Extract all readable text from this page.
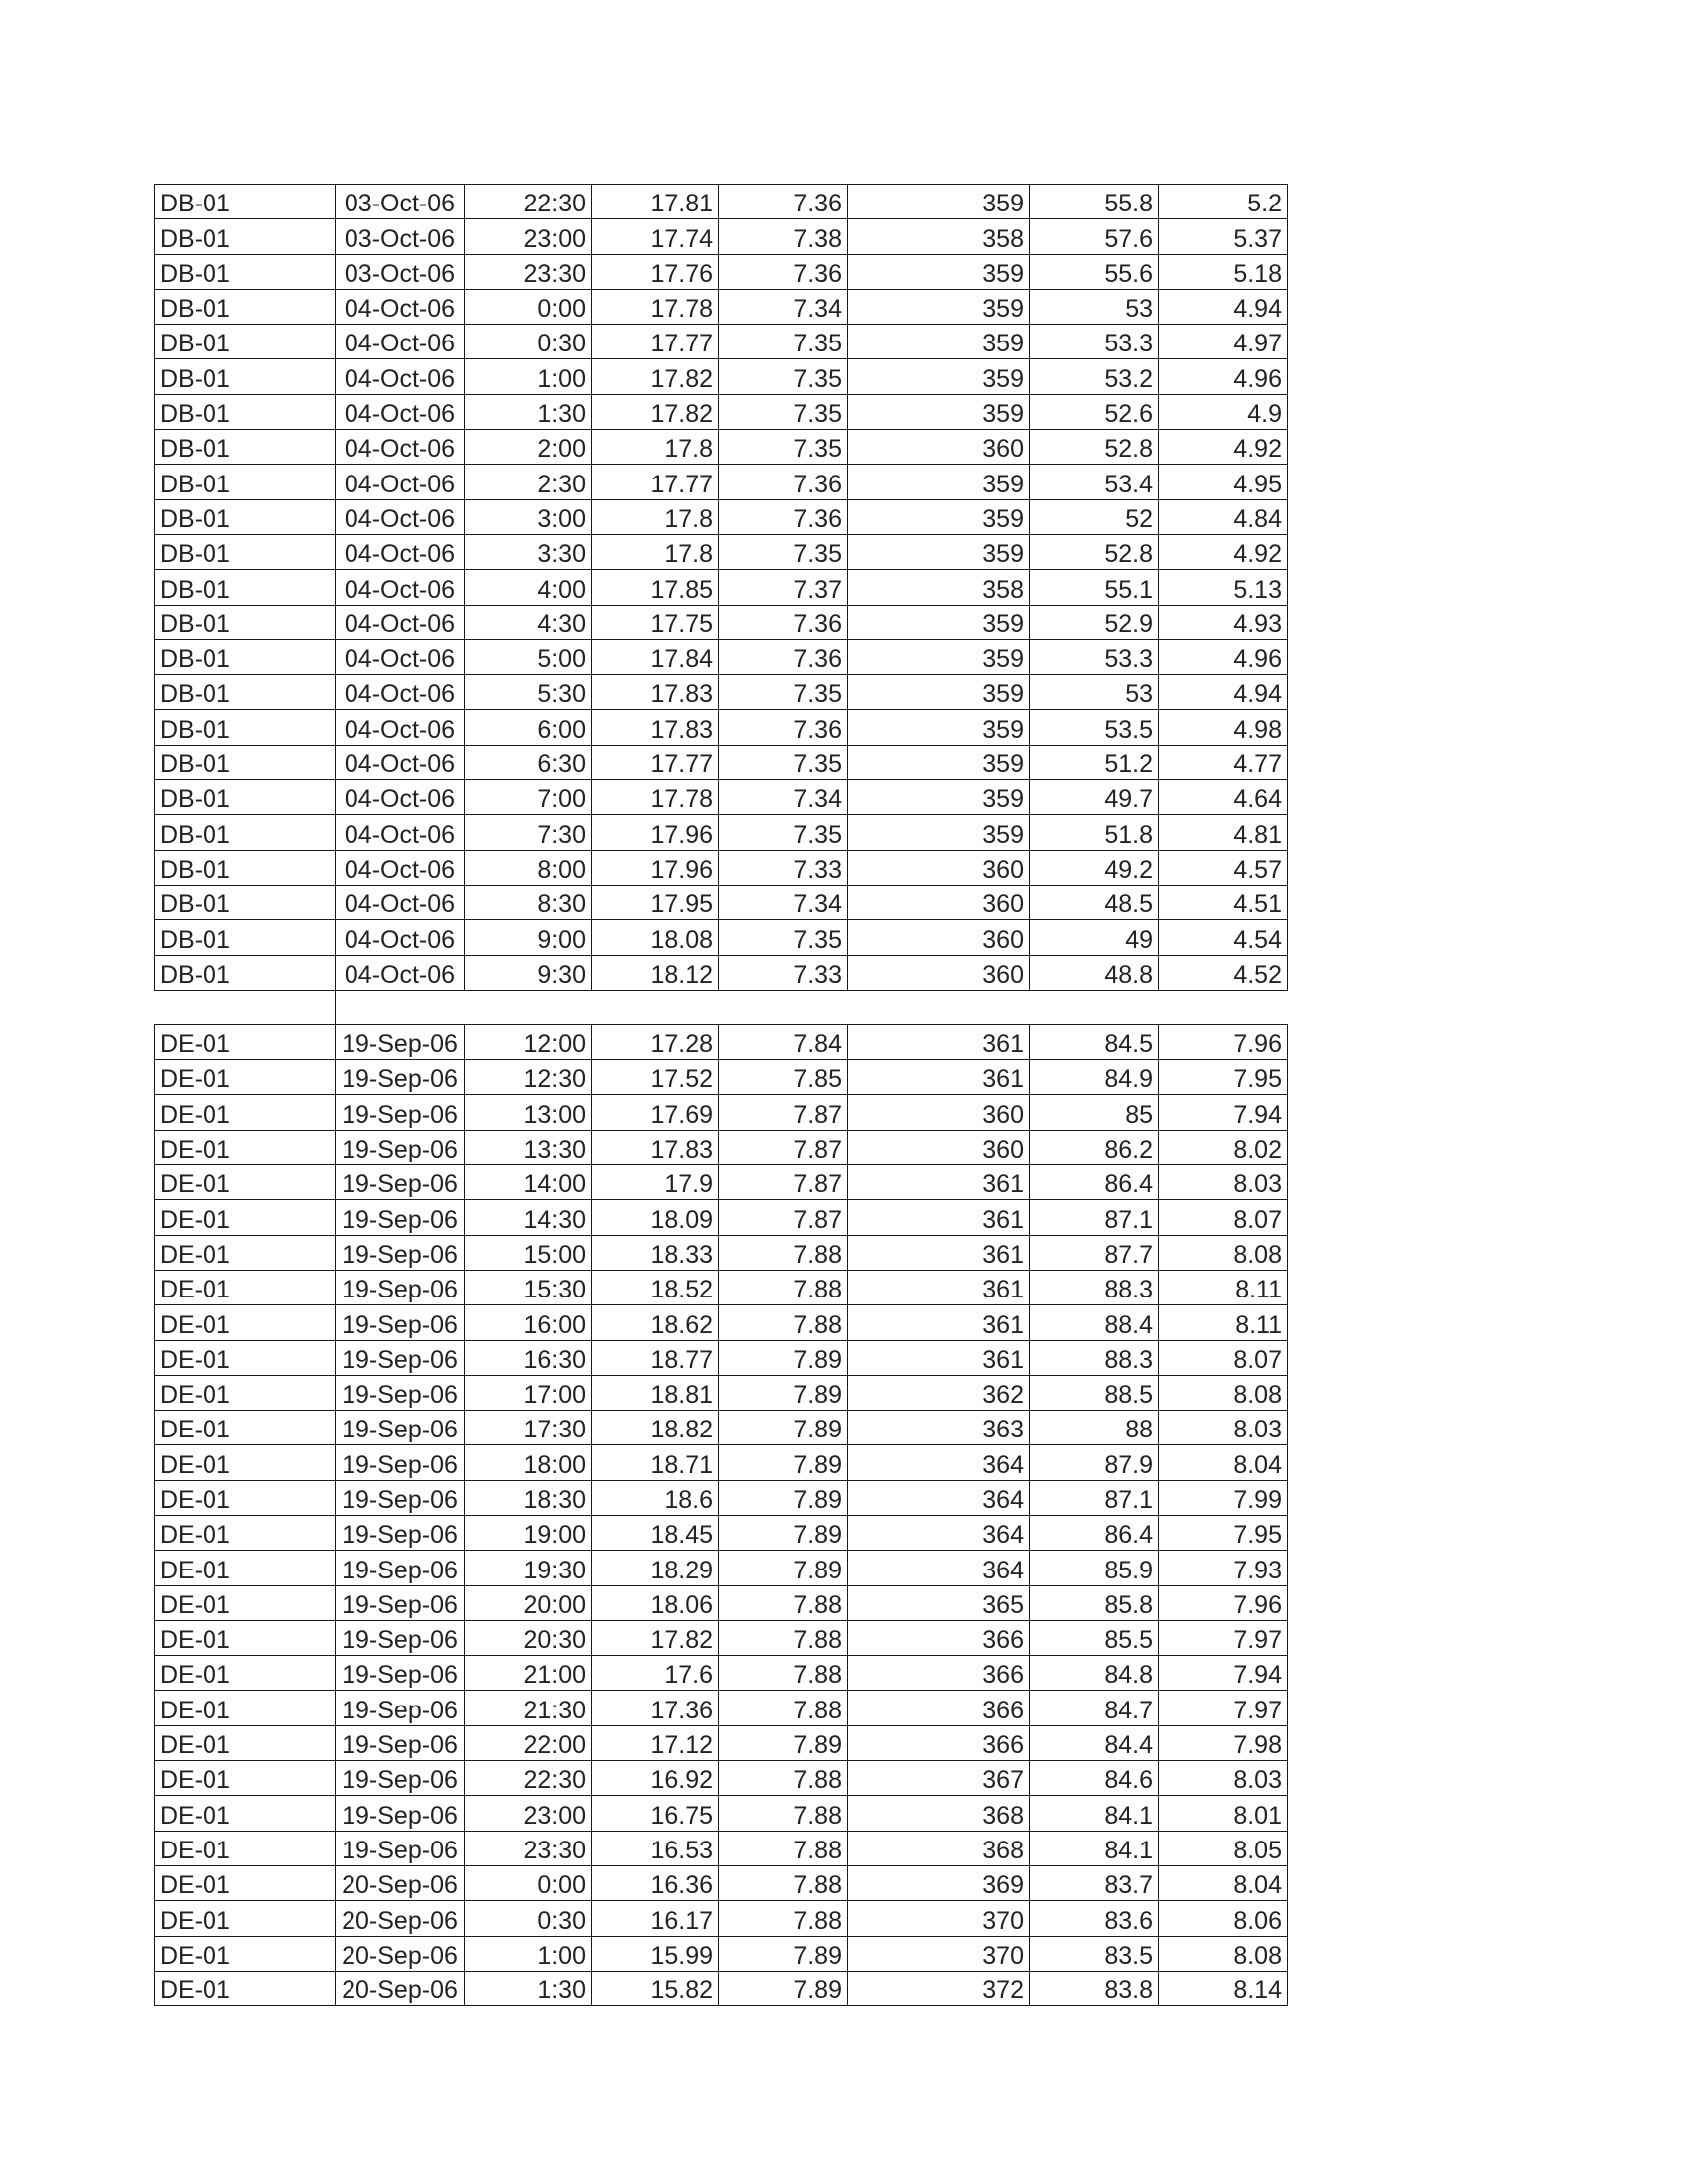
DB-01	03-Oct-06	22:30	17.81	7.36	359	55.8	5.2
DB-01	03-Oct-06	23:00	17.74	7.38	358	57.6	5.37
DB-01	03-Oct-06	23:30	17.76	7.36	359	55.6	5.18
DB-01	04-Oct-06	0:00	17.78	7.34	359	53	4.94
DB-01	04-Oct-06	0:30	17.77	7.35	359	53.3	4.97
DB-01	04-Oct-06	1:00	17.82	7.35	359	53.2	4.96
DB-01	04-Oct-06	1:30	17.82	7.35	359	52.6	4.9
DB-01	04-Oct-06	2:00	17.8	7.35	360	52.8	4.92
DB-01	04-Oct-06	2:30	17.77	7.36	359	53.4	4.95
DB-01	04-Oct-06	3:00	17.8	7.36	359	52	4.84
DB-01	04-Oct-06	3:30	17.8	7.35	359	52.8	4.92
DB-01	04-Oct-06	4:00	17.85	7.37	358	55.1	5.13
DB-01	04-Oct-06	4:30	17.75	7.36	359	52.9	4.93
DB-01	04-Oct-06	5:00	17.84	7.36	359	53.3	4.96
DB-01	04-Oct-06	5:30	17.83	7.35	359	53	4.94
DB-01	04-Oct-06	6:00	17.83	7.36	359	53.5	4.98
DB-01	04-Oct-06	6:30	17.77	7.35	359	51.2	4.77
DB-01	04-Oct-06	7:00	17.78	7.34	359	49.7	4.64
DB-01	04-Oct-06	7:30	17.96	7.35	359	51.8	4.81
DB-01	04-Oct-06	8:00	17.96	7.33	360	49.2	4.57
DB-01	04-Oct-06	8:30	17.95	7.34	360	48.5	4.51
DB-01	04-Oct-06	9:00	18.08	7.35	360	49	4.54
DB-01	04-Oct-06	9:30	18.12	7.33	360	48.8	4.52

DE-01	19-Sep-06	12:00	17.28	7.84	361	84.5	7.96
DE-01	19-Sep-06	12:30	17.52	7.85	361	84.9	7.95
DE-01	19-Sep-06	13:00	17.69	7.87	360	85	7.94
DE-01	19-Sep-06	13:30	17.83	7.87	360	86.2	8.02
DE-01	19-Sep-06	14:00	17.9	7.87	361	86.4	8.03
DE-01	19-Sep-06	14:30	18.09	7.87	361	87.1	8.07
DE-01	19-Sep-06	15:00	18.33	7.88	361	87.7	8.08
DE-01	19-Sep-06	15:30	18.52	7.88	361	88.3	8.11
DE-01	19-Sep-06	16:00	18.62	7.88	361	88.4	8.11
DE-01	19-Sep-06	16:30	18.77	7.89	361	88.3	8.07
DE-01	19-Sep-06	17:00	18.81	7.89	362	88.5	8.08
DE-01	19-Sep-06	17:30	18.82	7.89	363	88	8.03
DE-01	19-Sep-06	18:00	18.71	7.89	364	87.9	8.04
DE-01	19-Sep-06	18:30	18.6	7.89	364	87.1	7.99
DE-01	19-Sep-06	19:00	18.45	7.89	364	86.4	7.95
DE-01	19-Sep-06	19:30	18.29	7.89	364	85.9	7.93
DE-01	19-Sep-06	20:00	18.06	7.88	365	85.8	7.96
DE-01	19-Sep-06	20:30	17.82	7.88	366	85.5	7.97
DE-01	19-Sep-06	21:00	17.6	7.88	366	84.8	7.94
DE-01	19-Sep-06	21:30	17.36	7.88	366	84.7	7.97
DE-01	19-Sep-06	22:00	17.12	7.89	366	84.4	7.98
DE-01	19-Sep-06	22:30	16.92	7.88	367	84.6	8.03
DE-01	19-Sep-06	23:00	16.75	7.88	368	84.1	8.01
DE-01	19-Sep-06	23:30	16.53	7.88	368	84.1	8.05
DE-01	20-Sep-06	0:00	16.36	7.88	369	83.7	8.04
DE-01	20-Sep-06	0:30	16.17	7.88	370	83.6	8.06
DE-01	20-Sep-06	1:00	15.99	7.89	370	83.5	8.08
DE-01	20-Sep-06	1:30	15.82	7.89	372	83.8	8.14
